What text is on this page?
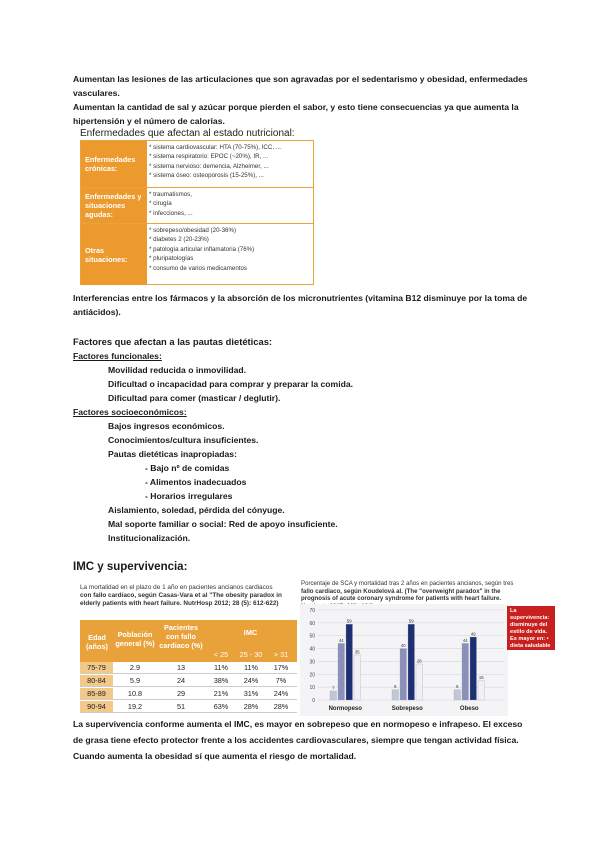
Aumentan las lesiones de las articulaciones que son agravadas por el sedentarismo y obesidad, enfermedades
vasculares.
Aumentan la cantidad de sal y azúcar porque pierden el sabor, y esto tiene consecuencias ya que aumenta la
hipertensión y el número de calorías.
Enfermedades que afectan al estado nutricional:
Enfermedades crónicas:
* sistema cardiovascular: HTA (70-75%), ICC, ...
* sistema respiratorio: EPOC (~20%), IR, ...
* sistema nervioso: demencia, Alzheimer, ...
* sistema óseo: osteoporosis (15-25%), ...
Enfermedades y situaciones agudas:
* traumatismos,
* cirugía
* infecciones, ...
Otras situaciones:
* sobrepeso/obesidad (20-36%)
* diabetes 2 (20-23%)
* patología articular inflamatoria (76%)
* pluripatologías
* consumo de varios medicamentos
Interferencias entre los fármacos y la absorción de los micronutrientes (vitamina B12 disminuye por la toma de
antiácidos).
Factores que afectan a las pautas dietéticas:
Factores funcionales:
Movilidad reducida o inmovilidad.
Dificultad o incapacidad para comprar y preparar la comida.
Dificultad para comer (masticar / deglutir).
Factores socioeconómicos:
Bajos ingresos económicos.
Conocimientos/cultura insuficientes.
Pautas dietéticas inapropiadas:
- Bajo nº de comidas
- Alimentos inadecuados
- Horarios irregulares
Aislamiento, soledad, pérdida del cónyuge.
Mal soporte familiar o social: Red de apoyo insuficiente.
Institucionalización.
IMC y supervivencia:
La mortalidad en el plazo de 1 año en pacientes ancianos cardiacos
con fallo cardíaco, según Casas-Vara et al "The obesity paradox in
elderly patients with heart failure. NutrHosp 2012; 28 (5): 612-622)
Edad (años)
Población general (%)
Pacientes con fallo cardiaco (%)
IMC
< 25	25 - 30	> 31
75-79	2.9	13	11%	11%	17%
80-84	5.9	24	38%	24%	7%
85-89	10.8	29	21%	31%	24%
90-94	19.2	51	63%	28%	28%
Porcentaje de SCA y mortalidad tras 2 años en pacientes ancianos, según tres
fallo cardiaco, según Koudelová al. (The "overweight paradox" in the
prognosis of acute coronary syndrome for patients with heart failure.
7
44
59
35
8
40
59
28
8
44
49
15
0
10
20
30
40
50
60
70
Normopeso	Sobrepeso	Obeso
La supervivencia: disminuye del estilo de vida. Es mayor en: • dieta saludable • actividad física
La supervivencia conforme aumenta el IMC, es mayor en sobrepeso que en normopeso e infrapeso. El exceso
de grasa tiene efecto protector frente a los accidentes cardiovasculares, siempre que tengan actividad física.
Cuando aumenta la obesidad sí que aumenta el riesgo de mortalidad.
